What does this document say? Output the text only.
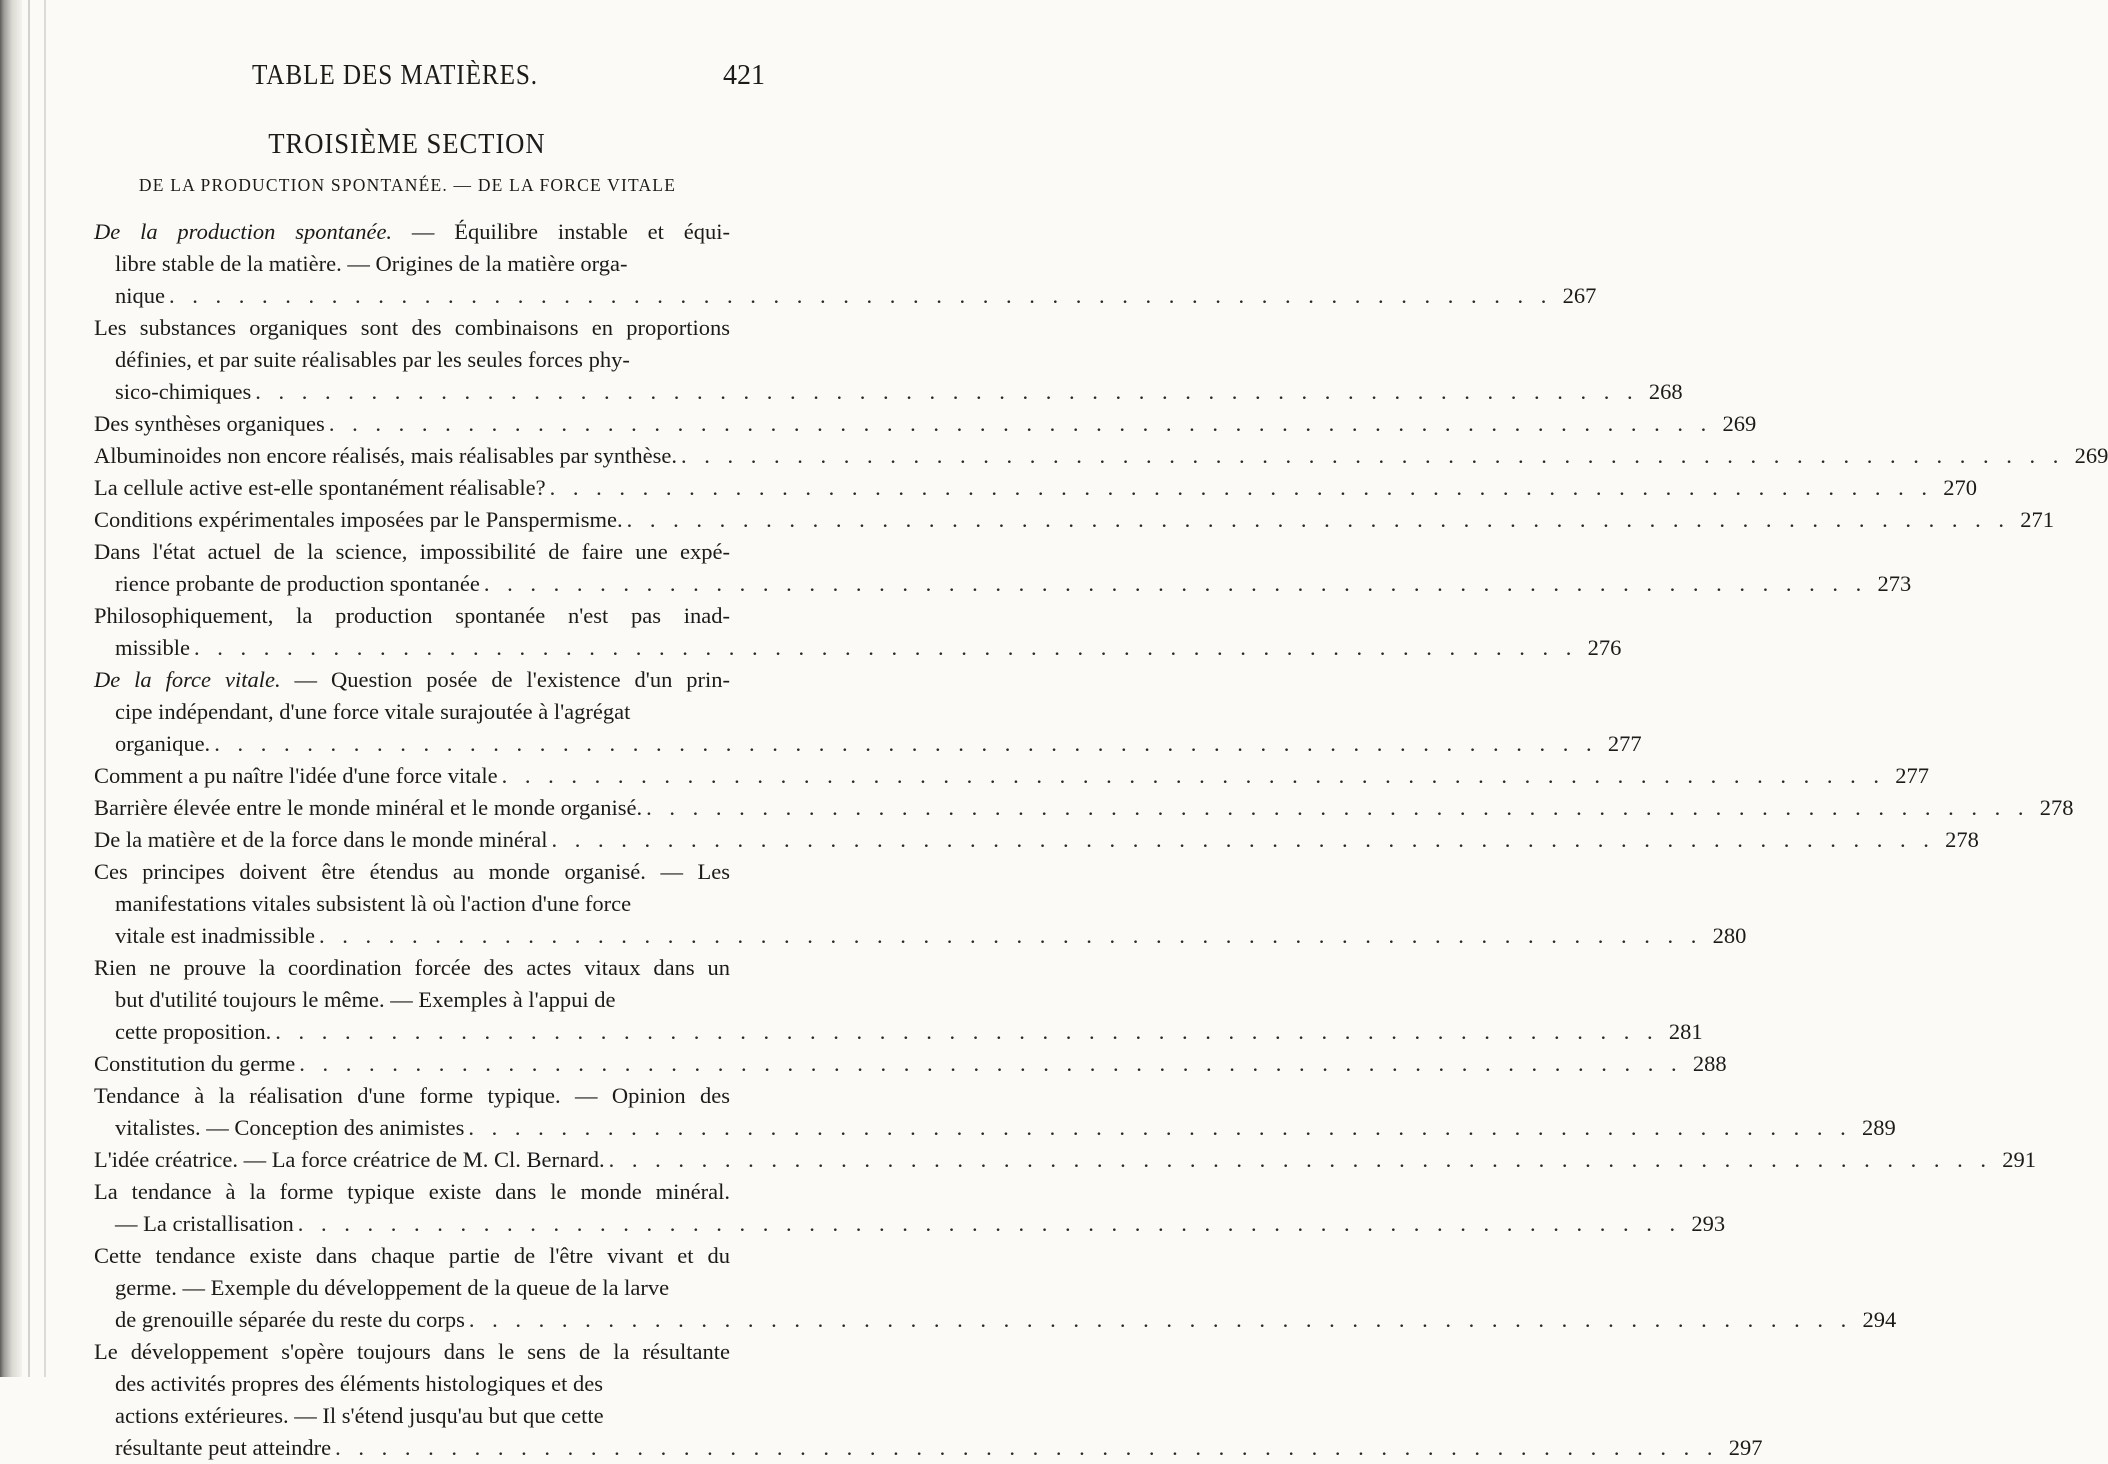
TABLE DES MATIÈRES.	421
TROISIÈME SECTION
DE LA PRODUCTION SPONTANÉE. — DE LA FORCE VITALE
De la production spontanée. — Équilibre instable et équi-
libre stable de la matière. — Origines de la matière orga-
nique . . . . . . . . . . . . . . . . . . . . . . . . . . . . . . . . . . . . . . . . . . . . . . . . . . . . . . . . . . . . 267
Les substances organiques sont des combinaisons en proportions
définies, et par suite réalisables par les seules forces phy-
sico-chimiques . . . . . . . . . . . . . . . . . . . . . . . . . . . . . . . . . . . . . . . . . . . . . . . . . . . . . . . . . . . . 268
Des synthèses organiques . . . . . . . . . . . . . . . . . . . . . . . . . . . . . . . . . . . . . . . . . . . . . . . . . . . . . . . . . . . . 269
Albuminoides non encore réalisés, mais réalisables par synthèse. . . . . . . . . . . . . . . . . . . . . . . . . . . . . . . . . . . . . . . . . . . . . . . . . . . . . . . . . . . . . 269
La cellule active est-elle spontanément réalisable? . . . . . . . . . . . . . . . . . . . . . . . . . . . . . . . . . . . . . . . . . . . . . . . . . . . . . . . . . . . . 270
Conditions expérimentales imposées par le Panspermisme. . . . . . . . . . . . . . . . . . . . . . . . . . . . . . . . . . . . . . . . . . . . . . . . . . . . . . . . . . . . . 271
Dans l'état actuel de la science, impossibilité de faire une expé-
rience probante de production spontanée . . . . . . . . . . . . . . . . . . . . . . . . . . . . . . . . . . . . . . . . . . . . . . . . . . . . . . . . . . . . 273
Philosophiquement, la production spontanée n'est pas inad-
missible . . . . . . . . . . . . . . . . . . . . . . . . . . . . . . . . . . . . . . . . . . . . . . . . . . . . . . . . . . . . 276
De la force vitale. — Question posée de l'existence d'un prin-
cipe indépendant, d'une force vitale surajoutée à l'agrégat
organique. . . . . . . . . . . . . . . . . . . . . . . . . . . . . . . . . . . . . . . . . . . . . . . . . . . . . . . . . . . . . 277
Comment a pu naître l'idée d'une force vitale . . . . . . . . . . . . . . . . . . . . . . . . . . . . . . . . . . . . . . . . . . . . . . . . . . . . . . . . . . . . 277
Barrière élevée entre le monde minéral et le monde organisé. . . . . . . . . . . . . . . . . . . . . . . . . . . . . . . . . . . . . . . . . . . . . . . . . . . . . . . . . . . . . 278
De la matière et de la force dans le monde minéral . . . . . . . . . . . . . . . . . . . . . . . . . . . . . . . . . . . . . . . . . . . . . . . . . . . . . . . . . . . . 278
Ces principes doivent être étendus au monde organisé. — Les
manifestations vitales subsistent là où l'action d'une force
vitale est inadmissible . . . . . . . . . . . . . . . . . . . . . . . . . . . . . . . . . . . . . . . . . . . . . . . . . . . . . . . . . . . . 280
Rien ne prouve la coordination forcée des actes vitaux dans un
but d'utilité toujours le même. — Exemples à l'appui de
cette proposition. . . . . . . . . . . . . . . . . . . . . . . . . . . . . . . . . . . . . . . . . . . . . . . . . . . . . . . . . . . . . 281
Constitution du germe . . . . . . . . . . . . . . . . . . . . . . . . . . . . . . . . . . . . . . . . . . . . . . . . . . . . . . . . . . . . 288
Tendance à la réalisation d'une forme typique. — Opinion des
vitalistes. — Conception des animistes . . . . . . . . . . . . . . . . . . . . . . . . . . . . . . . . . . . . . . . . . . . . . . . . . . . . . . . . . . . . 289
L'idée créatrice. — La force créatrice de M. Cl. Bernard. . . . . . . . . . . . . . . . . . . . . . . . . . . . . . . . . . . . . . . . . . . . . . . . . . . . . . . . . . . . . 291
La tendance à la forme typique existe dans le monde minéral.
— La cristallisation . . . . . . . . . . . . . . . . . . . . . . . . . . . . . . . . . . . . . . . . . . . . . . . . . . . . . . . . . . . . 293
Cette tendance existe dans chaque partie de l'être vivant et du
germe. — Exemple du développement de la queue de la larve
de grenouille séparée du reste du corps . . . . . . . . . . . . . . . . . . . . . . . . . . . . . . . . . . . . . . . . . . . . . . . . . . . . . . . . . . . . 294
Le développement s'opère toujours dans le sens de la résultante
des activités propres des éléments histologiques et des
actions extérieures. — Il s'étend jusqu'au but que cette
résultante peut atteindre . . . . . . . . . . . . . . . . . . . . . . . . . . . . . . . . . . . . . . . . . . . . . . . . . . . . . . . . . . . . 297
